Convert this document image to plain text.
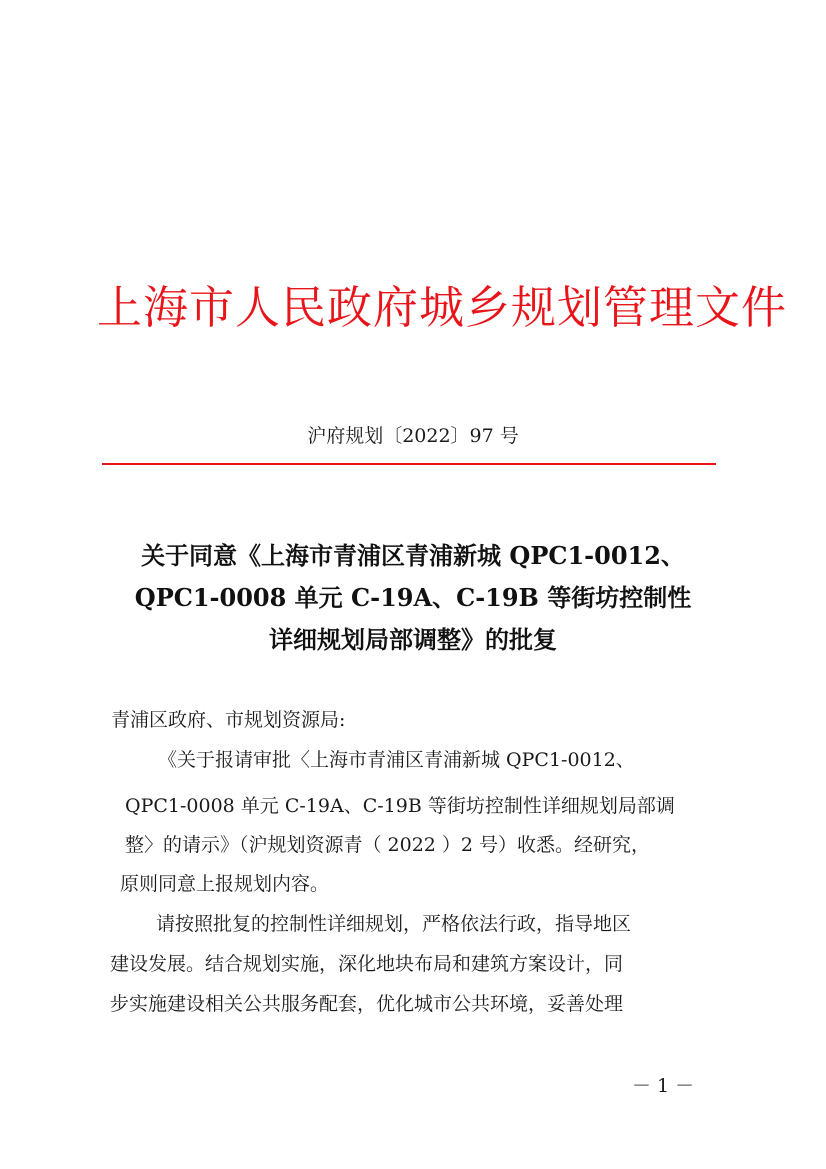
上海市人民政府城乡规划管理文件
沪府规划〔2022〕97 号
关于同意《上海市青浦区青浦新城 QPC1-0012、
QPC1-0008 单元 C-19A、C-19B 等街坊控制性
详细规划局部调整》的批复
青浦区政府、市规划资源局:
《关于报请审批〈上海市青浦区青浦新城 QPC1-0012、
QPC1-0008 单元 C-19A、C-19B 等街坊控制性详细规划局部调
整〉的请示》（沪规划资源青（ 2022 ）2 号）收悉。经研究，
原则同意上报规划内容。
请按照批复的控制性详细规划，严格依法行政，指导地区
建设发展。结合规划实施，深化地块布局和建筑方案设计，同
步实施建设相关公共服务配套，优化城市公共环境，妥善处理
－ 1 －
